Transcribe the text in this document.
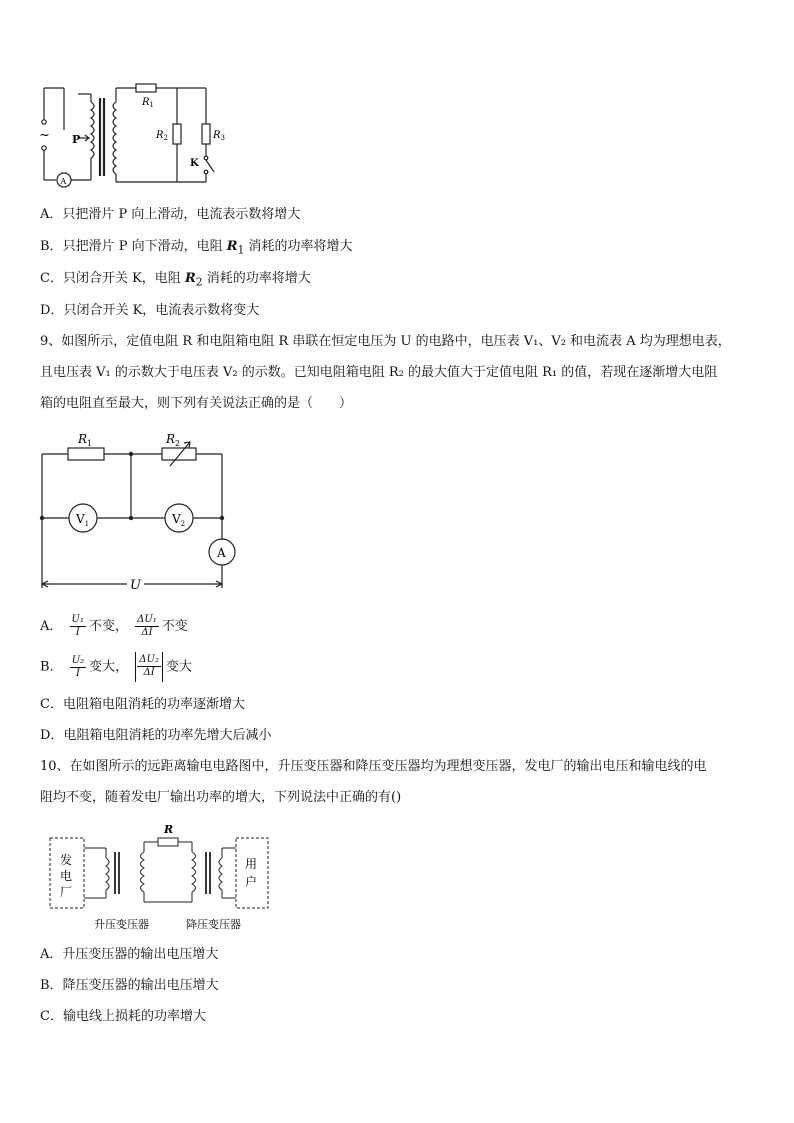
~ P
A
$R_1$
$R_2$	$R_3$
K
A．只把滑片 P 向上滑动，电流表示数将增大
B．只把滑片 P 向下滑动，电阻 $R_1$ 消耗的功率将增大
C．只闭合开关 K，电阻 $R_2$ 消耗的功率将增大
D．只闭合开关 K，电流表示数将变大
9、如图所示，定值电阻 R 和电阻箱电阻 R 串联在恒定电压为 U 的电路中，电压表 V₁、V₂ 和电流表 A 均为理想电表，
且电压表 V₁ 的示数大于电压表 V₂ 的示数。已知电阻箱电阻 R₂ 的最大值大于定值电阻 R₁ 的值，若现在逐渐增大电阻
箱的电阻直至最大，则下列有关说法正确的是（　　）
$R_1$	$R_2$
$V_1$	$V_2$
A
U
A． $\frac{\text{U₁}}{I}$ 不变， $\frac{\text{ΔU₁}}{\Delta I}$ 不变
B． $\frac{\text{U₂}}{I}$ 变大， $\frac{\text{ΔU₂}}{\Delta I}$ 变大
C．电阻箱电阻消耗的功率逐渐增大
D．电阻箱电阻消耗的功率先增大后减小
10、在如图所示的远距离输电电路图中，升压变压器和降压变压器均为理想变压器，发电厂的输出电压和输电线的电
阻均不变，随着发电厂输出功率的增大，下列说法中正确的有()
发
电
厂
用
户
R
升压变压器	降压变压器
A．升压变压器的输出电压增大
B．降压变压器的输出电压增大
C．输电线上损耗的功率增大
